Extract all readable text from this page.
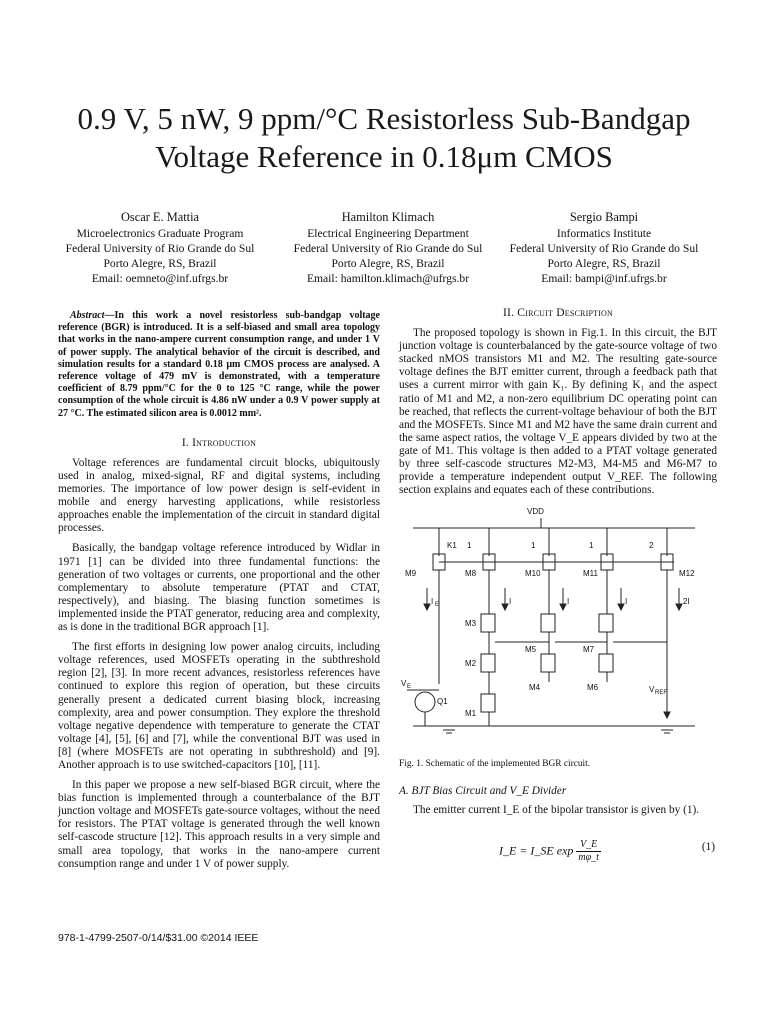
0.9 V, 5 nW, 9 ppm/°C Resistorless Sub-Bandgap
Voltage Reference in 0.18μm CMOS
Oscar E. Mattia
Microelectronics Graduate Program
Federal University of Rio Grande do Sul
Porto Alegre, RS, Brazil
Email: oemneto@inf.ufrgs.br
Hamilton Klimach
Electrical Engineering Department
Federal University of Rio Grande do Sul
Porto Alegre, RS, Brazil
Email: hamilton.klimach@ufrgs.br
Sergio Bampi
Informatics Institute
Federal University of Rio Grande do Sul
Porto Alegre, RS, Brazil
Email: bampi@inf.ufrgs.br

Abstract—In this work a novel resistorless sub-bandgap voltage reference (BGR) is introduced. It is a self-biased and small area topology that works in the nano-ampere current consumption range, and under 1 V of power supply. The analytical behavior of the circuit is described, and simulation results for a standard 0.18 μm CMOS process are analysed. A reference voltage of 479 mV is demonstrated, with a temperature coefficient of 8.79 ppm/°C for the 0 to 125 °C range, while the power consumption of the whole circuit is 4.86 nW under a 0.9 V power supply at 27 °C. The estimated silicon area is 0.0012 mm².

I. Introduction

Voltage references are fundamental circuit blocks, ubiquitously used in analog, mixed-signal, RF and digital systems, including memories. The importance of low power design is self-evident in mobile and energy harvesting applications, while resistorless approaches enable the implementation of the circuit in standard digital processes.

Basically, the bandgap voltage reference introduced by Widlar in 1971 [1] can be divided into three fundamental functions: the generation of two voltages or currents, one proportional and the other complementary to absolute temperature (PTAT and CTAT, respectively), and biasing. The biasing function sometimes is implemented inside the PTAT generator, reducing area and complexity, as is done in the traditional BGR approach [1].

The first efforts in designing low power analog circuits, including voltage references, used MOSFETs operating in the subthreshold region [2], [3]. In more recent advances, resistorless references have continued to explore this region of operation, but these circuits generally present a dedicated current biasing block, increasing complexity, area and power consumption. They explore the threshold voltage negative dependence with temperature to generate the CTAT voltage [4], [5], [6] and [7], while the conventional BJT was used in [8] (where MOSFETs are not operating in subthreshold) and [9]. Another approach is to use switched-capacitors [10], [11].

In this paper we propose a new self-biased BGR circuit, where the bias function is implemented through a counterbalance of the BJT junction voltage and MOSFETs gate-source voltages, without the need for resistors. The PTAT voltage is generated through the well known self-cascode structure [12]. This approach results in a very simple and small area topology, that works in the nano-ampere current consumption range and under 1 V of power supply.

II. Circuit Description

The proposed topology is shown in Fig.1. In this circuit, the BJT junction voltage is counterbalanced by the gate-source voltage of two stacked nMOS transistors M1 and M2. The resulting gate-source voltage defines the BJT emitter current, through a feedback path that uses a current mirror with gain K₁. By defining K₁ and the aspect ratio of M1 and M2, a non-zero equilibrium DC operating point can be reached, that reflects the current-voltage behaviour of both the BJT and the MOSFETs. Since M1 and M2 have the same drain current and the same aspect ratios, the voltage V_E appears divided by two at the gate of M1. This voltage is then added to a PTAT voltage generated by three self-cascode structures M2-M3, M4-M5 and M6-M7 to provide a temperature independent output V_REF. The following section explains and equates each of these contributions.

VDD
K1 1	1	1	2
M9	M8	M10	M11	M12
I E	I	I	I	2I
M3
M5	M7
M2
M4	M6
M1
Q1
V E	V REF
Fig. 1. Schematic of the implemented BGR circuit.
A. BJT Bias Circuit and V_E Divider

The emitter current I_E of the bipolar transistor is given by (1).

I_E = I_SE $\exp \frac{V\_E}{m\varphi\_t}$	(1)
978-1-4799-2507-0/14/$31.00 ©2014 IEEE
